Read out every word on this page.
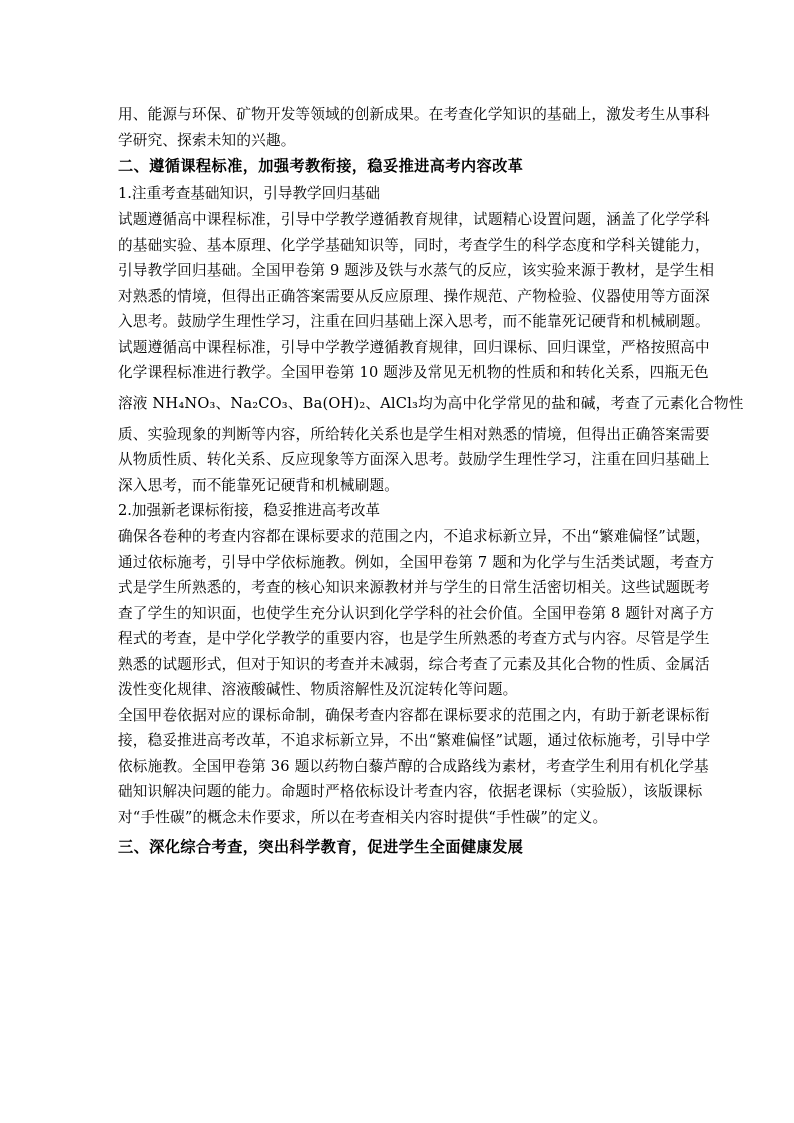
用、能源与环保、矿物开发等领域的创新成果。在考查化学知识的基础上，激发考生从事科
学研究、探索未知的兴趣。
二、遵循课程标准，加强考教衔接，稳妥推进高考内容改革
1.注重考查基础知识，引导教学回归基础
试题遵循高中课程标准，引导中学教学遵循教育规律，试题精心设置问题，涵盖了化学学科
的基础实验、基本原理、化学学基础知识等，同时，考查学生的科学态度和学科关键能力，
引导教学回归基础。全国甲卷第 9 题涉及铁与水蒸气的反应，该实验来源于教材，是学生相
对熟悉的情境，但得出正确答案需要从反应原理、操作规范、产物检验、仪器使用等方面深
入思考。鼓励学生理性学习，注重在回归基础上深入思考，而不能靠死记硬背和机械刷题。
试题遵循高中课程标准，引导中学教学遵循教育规律，回归课标、回归课堂，严格按照高中
化学课程标准进行教学。全国甲卷第 10 题涉及常见无机物的性质和和转化关系，四瓶无色
溶液 NH₄NO₃、Na₂CO₃、Ba(OH)₂、AlCl₃均为高中化学常见的盐和碱，考查了元素化合物性
质、实验现象的判断等内容，所给转化关系也是学生相对熟悉的情境，但得出正确答案需要
从物质性质、转化关系、反应现象等方面深入思考。鼓励学生理性学习，注重在回归基础上
深入思考，而不能靠死记硬背和机械刷题。
2.加强新老课标衔接，稳妥推进高考改革
确保各卷种的考查内容都在课标要求的范围之内，不追求标新立异，不出“繁难偏怪”试题，
通过依标施考，引导中学依标施教。例如，全国甲卷第 7 题和为化学与生活类试题，考查方
式是学生所熟悉的，考查的核心知识来源教材并与学生的日常生活密切相关。这些试题既考
查了学生的知识面，也使学生充分认识到化学学科的社会价值。全国甲卷第 8 题针对离子方
程式的考查，是中学化学教学的重要内容，也是学生所熟悉的考查方式与内容。尽管是学生
熟悉的试题形式，但对于知识的考查并未减弱，综合考查了元素及其化合物的性质、金属活
泼性变化规律、溶液酸碱性、物质溶解性及沉淀转化等问题。
全国甲卷依据对应的课标命制，确保考查内容都在课标要求的范围之内，有助于新老课标衔
接，稳妥推进高考改革，不追求标新立异，不出“繁难偏怪”试题，通过依标施考，引导中学
依标施教。全国甲卷第 36 题以药物白藜芦醇的合成路线为素材，考查学生利用有机化学基
础知识解决问题的能力。命题时严格依标设计考查内容，依据老课标（实验版），该版课标
对“手性碳”的概念未作要求，所以在考查相关内容时提供“手性碳”的定义。
三、深化综合考查，突出科学教育，促进学生全面健康发展
